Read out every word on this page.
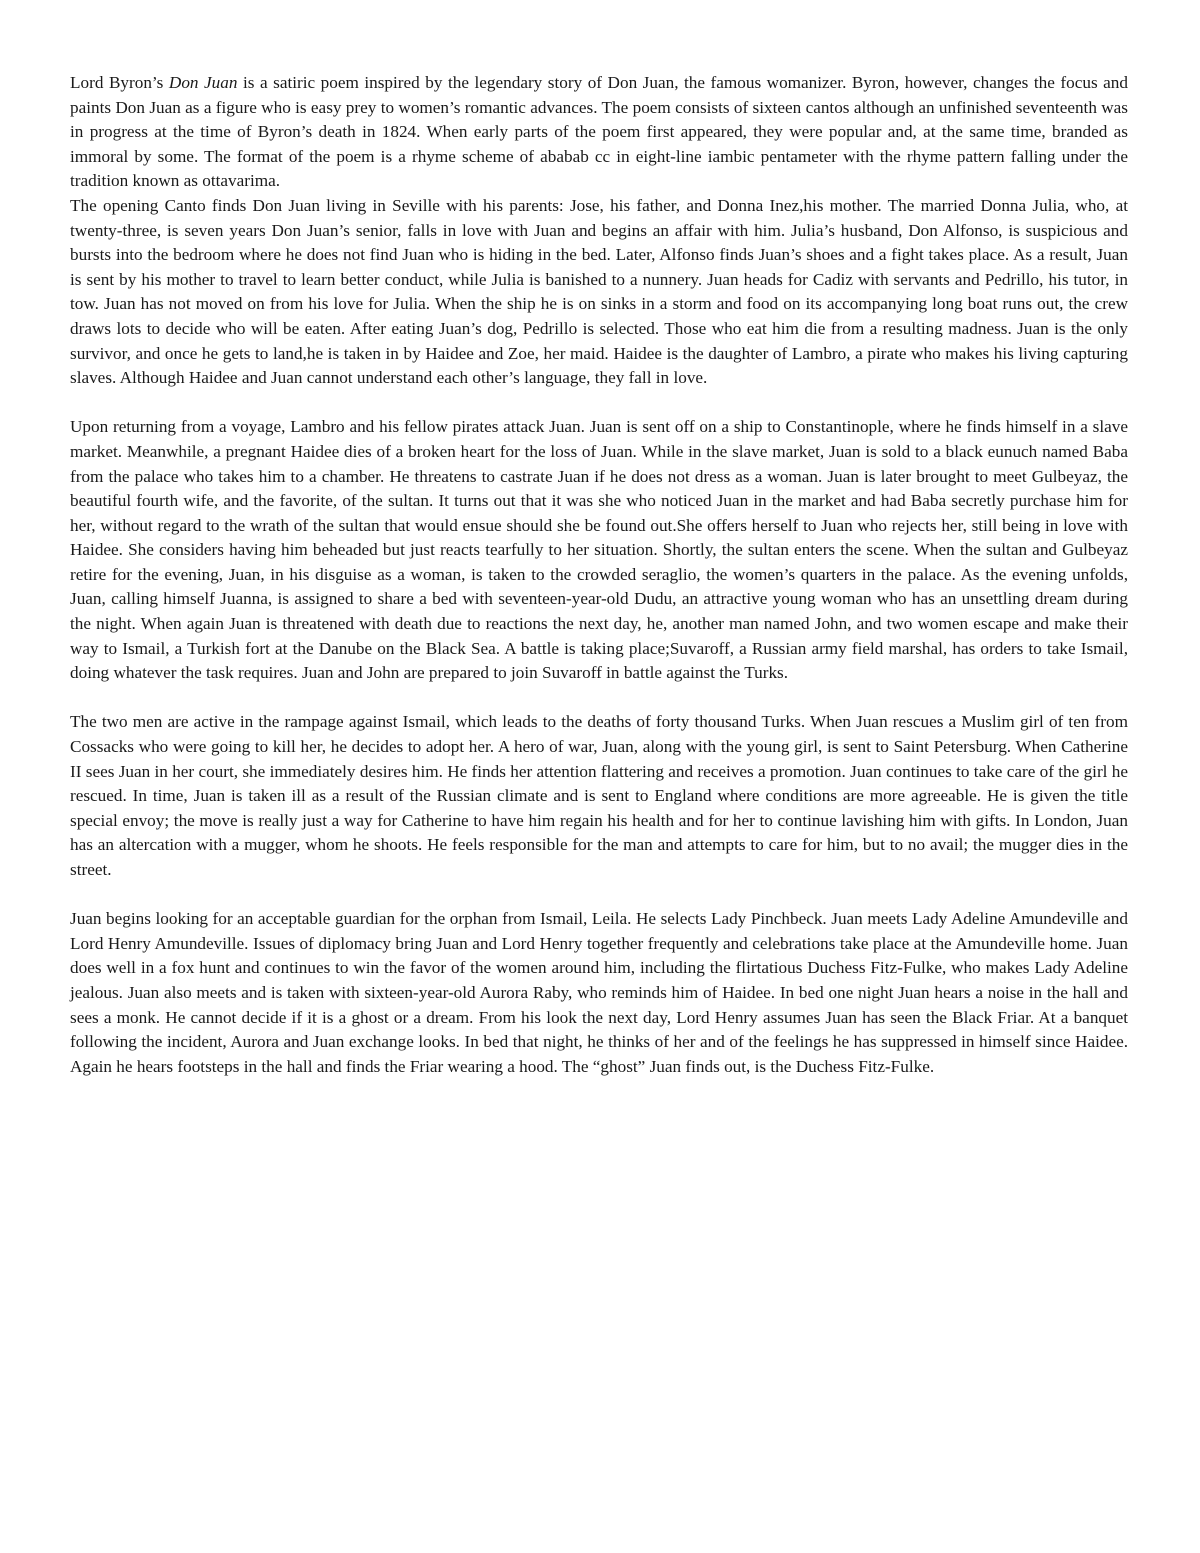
Lord Byron’s Don Juan is a satiric poem inspired by the legendary story of Don Juan, the famous womanizer. Byron, however, changes the focus and paints Don Juan as a figure who is easy prey to women’s romantic advances. The poem consists of sixteen cantos although an unfinished seventeenth was in progress at the time of Byron’s death in 1824. When early parts of the poem first appeared, they were popular and, at the same time, branded as immoral by some. The format of the poem is a rhyme scheme of ababab cc in eight-line iambic pentameter with the rhyme pattern falling under the tradition known as ottavarima.

The opening Canto finds Don Juan living in Seville with his parents: Jose, his father, and Donna Inez,his mother. The married Donna Julia, who, at twenty-three, is seven years Don Juan’s senior, falls in love with Juan and begins an affair with him. Julia’s husband, Don Alfonso, is suspicious and bursts into the bedroom where he does not find Juan who is hiding in the bed. Later, Alfonso finds Juan’s shoes and a fight takes place. As a result, Juan is sent by his mother to travel to learn better conduct, while Julia is banished to a nunnery. Juan heads for Cadiz with servants and Pedrillo, his tutor, in tow. Juan has not moved on from his love for Julia. When the ship he is on sinks in a storm and food on its accompanying long boat runs out, the crew draws lots to decide who will be eaten. After eating Juan’s dog, Pedrillo is selected. Those who eat him die from a resulting madness. Juan is the only survivor, and once he gets to land,he is taken in by Haidee and Zoe, her maid. Haidee is the daughter of Lambro, a pirate who makes his living capturing slaves. Although Haidee and Juan cannot understand each other’s language, they fall in love.

Upon returning from a voyage, Lambro and his fellow pirates attack Juan. Juan is sent off on a ship to Constantinople, where he finds himself in a slave market. Meanwhile, a pregnant Haidee dies of a broken heart for the loss of Juan. While in the slave market, Juan is sold to a black eunuch named Baba from the palace who takes him to a chamber. He threatens to castrate Juan if he does not dress as a woman. Juan is later brought to meet Gulbeyaz, the beautiful fourth wife, and the favorite, of the sultan. It turns out that it was she who noticed Juan in the market and had Baba secretly purchase him for her, without regard to the wrath of the sultan that would ensue should she be found out.She offers herself to Juan who rejects her, still being in love with Haidee. She considers having him beheaded but just reacts tearfully to her situation. Shortly, the sultan enters the scene. When the sultan and Gulbeyaz retire for the evening, Juan, in his disguise as a woman, is taken to the crowded seraglio, the women’s quarters in the palace. As the evening unfolds, Juan, calling himself Juanna, is assigned to share a bed with seventeen-year-old Dudu, an attractive young woman who has an unsettling dream during the night. When again Juan is threatened with death due to reactions the next day, he, another man named John, and two women escape and make their way to Ismail, a Turkish fort at the Danube on the Black Sea. A battle is taking place;Suvaroff, a Russian army field marshal, has orders to take Ismail, doing whatever the task requires. Juan and John are prepared to join Suvaroff in battle against the Turks.

The two men are active in the rampage against Ismail, which leads to the deaths of forty thousand Turks. When Juan rescues a Muslim girl of ten from Cossacks who were going to kill her, he decides to adopt her. A hero of war, Juan, along with the young girl, is sent to Saint Petersburg. When Catherine II sees Juan in her court, she immediately desires him. He finds her attention flattering and receives a promotion. Juan continues to take care of the girl he rescued. In time, Juan is taken ill as a result of the Russian climate and is sent to England where conditions are more agreeable. He is given the title special envoy; the move is really just a way for Catherine to have him regain his health and for her to continue lavishing him with gifts. In London, Juan has an altercation with a mugger, whom he shoots. He feels responsible for the man and attempts to care for him, but to no avail; the mugger dies in the street.

Juan begins looking for an acceptable guardian for the orphan from Ismail, Leila. He selects Lady Pinchbeck. Juan meets Lady Adeline Amundeville and Lord Henry Amundeville. Issues of diplomacy bring Juan and Lord Henry together frequently and celebrations take place at the Amundeville home. Juan does well in a fox hunt and continues to win the favor of the women around him, including the flirtatious Duchess Fitz-Fulke, who makes Lady Adeline jealous. Juan also meets and is taken with sixteen-year-old Aurora Raby, who reminds him of Haidee. In bed one night Juan hears a noise in the hall and sees a monk. He cannot decide if it is a ghost or a dream. From his look the next day, Lord Henry assumes Juan has seen the Black Friar. At a banquet following the incident, Aurora and Juan exchange looks. In bed that night, he thinks of her and of the feelings he has suppressed in himself since Haidee. Again he hears footsteps in the hall and finds the Friar wearing a hood. The “ghost” Juan finds out, is the Duchess Fitz-Fulke.
